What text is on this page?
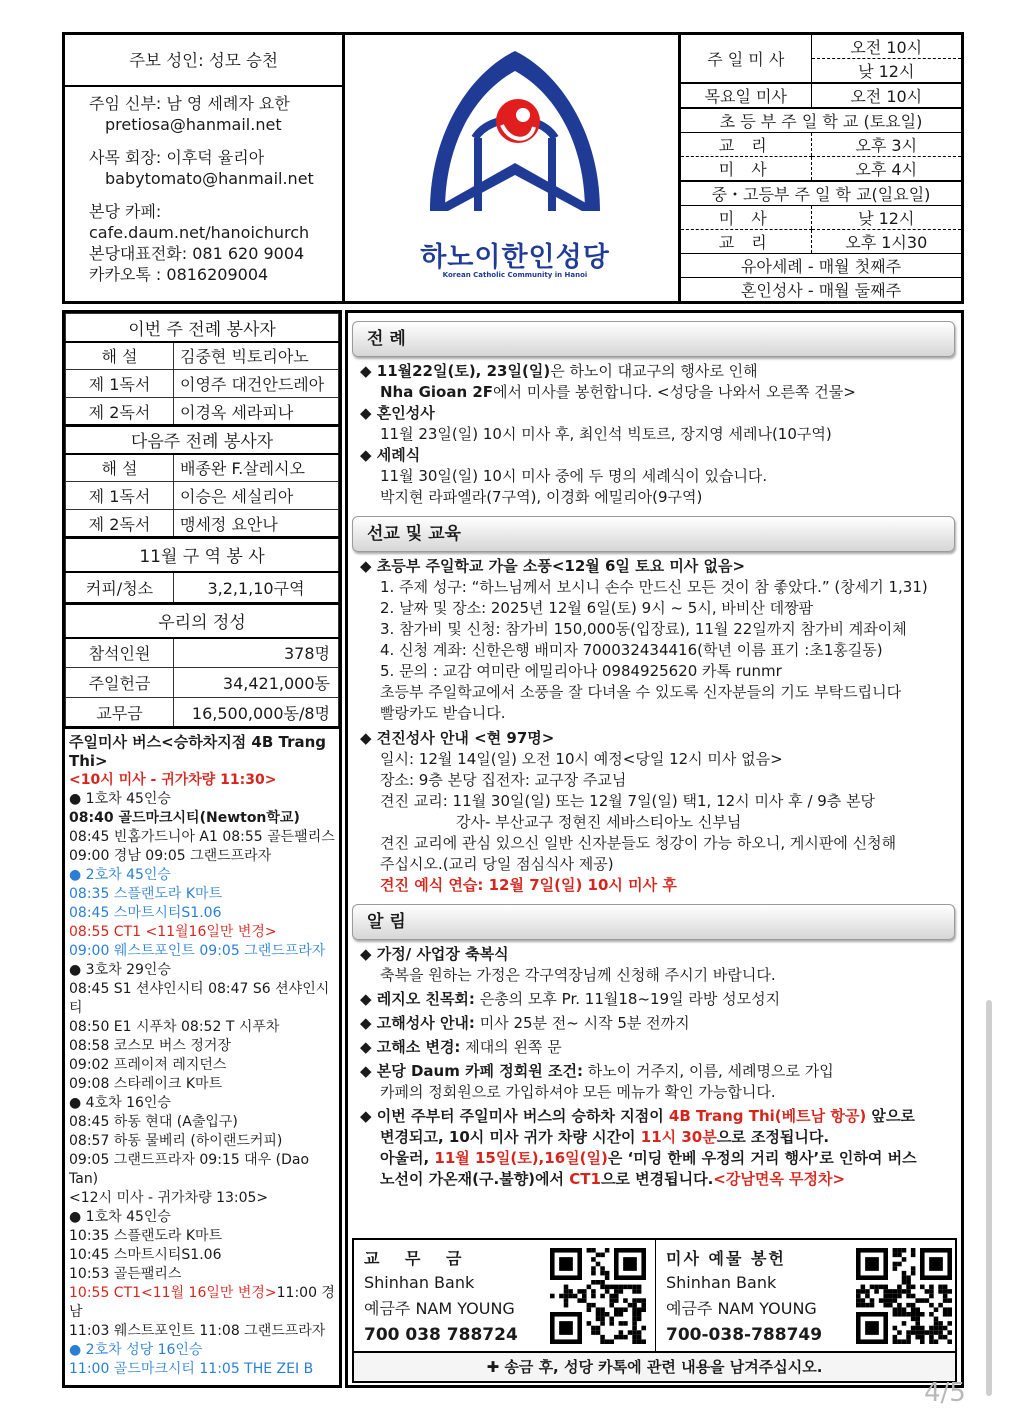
주보 성인: 성모 승천
주임 신부: 남 영 세례자 요한
pretiosa@hanmail.net
사목 회장: 이후덕 율리아
babytomato@hanmail.net
본당 카페:
cafe.daum.net/hanoichurch
본당대표전화: 081 620 9004
카카오톡 : 0816209004
하노이한인성당
Korean Catholic Community in Hanoi
주 일 미 사	오전 10시
	낮 12시
목요일 미사	오전 10시
초 등 부 주 일 학 교 (토요일)	
교 리	오후 3시
미 사	오후 4시
중・고등부 주 일 학 교(일요일)	
미 사	낮 12시
교 리	오후 1시30
유아세례 - 매월 첫째주	
혼인성사 - 매월 둘째주	
이번 주 전례 봉사자	
해 설	김중현 빅토리아노
제 1독서	이영주 대건안드레아
제 2독서	이경옥 세라피나
다음주 전례 봉사자	
해 설	배종완 F.살레시오
제 1독서	이승은 세실리아
제 2독서	맹세정 요안나
11월 구 역 봉 사	
커피/청소	3,2,1,10구역
우리의 정성	
참석인원	378명
주일헌금	34,421,000동
교무금	16,500,000동/8명
주일미사 버스<승하차지점 4B Trang Thi>
<10시 미사 - 귀가차량 11:30>
● 1호차 45인승
08:40 골드마크시티(Newton학교)
08:45 빈홈가드니아 A1 08:55 골든팰리스
09:00 경남 09:05 그랜드프라자
● 2호차 45인승
08:35 스플랜도라 K마트
08:45 스마트시티S1.06
08:55 CT1 <11월16일만 변경>
09:00 웨스트포인트 09:05 그랜드프라자
● 3호차 29인승
08:45 S1 션샤인시티 08:47 S6 션샤인시티
08:50 E1 시푸차 08:52 T 시푸차
08:58 코스모 버스 정거장
09:02 프레이져 레지던스
09:08 스타레이크 K마트
● 4호차 16인승
08:45 하동 현대 (A출입구)
08:57 하동 물베리 (하이랜드커피)
09:05 그랜드프라자 09:15 대우 (Dao Tan)
<12시 미사 - 귀가차량 13:05>
● 1호차 45인승
10:35 스플랜도라 K마트
10:45 스마트시티S1.06
10:53 골든팰리스
10:55 CT1<11월 16일만 변경>11:00 경남
11:03 웨스트포인트 11:08 그랜드프라자
● 2호차 성당 16인승
11:00 골드마크시티 11:05 THE ZEI B
전 례
◆ 11월22일(토), 23일(일)은 하노이 대교구의 행사로 인해
Nha Gioan 2F에서 미사를 봉헌합니다. <성당을 나와서 오른쪽 건물>
◆ 혼인성사
11월 23일(일) 10시 미사 후, 최인석 빅토르, 장지영 세레나(10구역)
◆ 세례식
11월 30일(일) 10시 미사 중에 두 명의 세례식이 있습니다.
박지현 라파엘라(7구역), 이경화 에밀리아(9구역)
선교 및 교육
◆ 초등부 주일학교 가을 소풍<12월 6일 토요 미사 없음>
1. 주제 성구: “하느님께서 보시니 손수 만드신 모든 것이 참 좋았다.” (창세기 1,31)
2. 날짜 및 장소: 2025년 12월 6일(토) 9시 ~ 5시, 바비산 데짱팜
3. 참가비 및 신청: 참가비 150,000동(입장료), 11월 22일까지 참가비 계좌이체
4. 신청 계좌: 신한은행 배미자 700032434416(학년 이름 표기 :초1홍길동)
5. 문의 : 교감 여미란 에밀리아나 0984925620 카톡 runmr
초등부 주일학교에서 소풍을 잘 다녀올 수 있도록 신자분들의 기도 부탁드립니다
빨랑카도 받습니다.
◆ 견진성사 안내 <현 97명>
일시: 12월 14일(일) 오전 10시 예정<당일 12시 미사 없음>
장소: 9층 본당 집전자: 교구장 주교님
견진 교리: 11월 30일(일) 또는 12월 7일(일) 택1, 12시 미사 후 / 9층 본당
강사- 부산교구 정현진 세바스티아노 신부님
견진 교리에 관심 있으신 일반 신자분들도 청강이 가능 하오니, 게시판에 신청해
주십시오.(교리 당일 점심식사 제공)
견진 예식 연습: 12월 7일(일) 10시 미사 후
알 림
◆ 가정/ 사업장 축복식
축복을 원하는 가정은 각구역장님께 신청해 주시기 바랍니다.
◆ 레지오 친목회: 은총의 모후 Pr. 11월18~19일 라방 성모성지
◆ 고해성사 안내: 미사 25분 전~ 시작 5분 전까지
◆ 고해소 변경: 제대의 왼쪽 문
◆ 본당 Daum 카페 정회원 조건: 하노이 거주지, 이름, 세례명으로 가입
카페의 정회원으로 가입하셔야 모든 메뉴가 확인 가능합니다.
◆ 이번 주부터 주일미사 버스의 승하차 지점이 4B Trang Thi(베트남 항공) 앞으로
변경되고, 10시 미사 귀가 차량 시간이 11시 30분으로 조정됩니다.
아울러, 11월 15일(토),16일(일)은 ‘미딩 한베 우정의 거리 행사’로 인하여 버스
노선이 가온재(구.불향)에서 CT1으로 변경됩니다.<강남면옥 무정차>
교 무 금
Shinhan Bank
예금주 NAM YOUNG
700 038 788724
미사 예물 봉헌
Shinhan Bank
예금주 NAM YOUNG
700-038-788749
✚ 송금 후, 성당 카톡에 관련 내용을 남겨주십시오.
4/5
